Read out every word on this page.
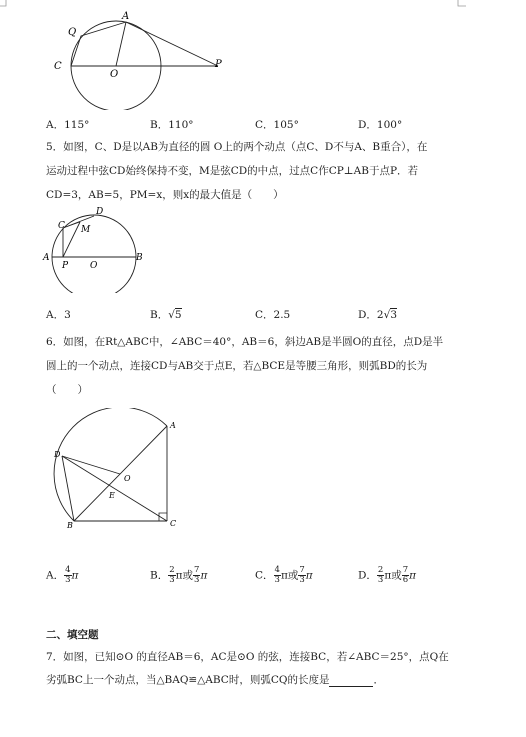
Q
A
C
O
P
A．115°	B．110°	C．105°	D．100°
5．如图，C、D是以AB为直径的圆 O上的两个动点（点C、D不与A、B重合），在
运动过程中弦CD始终保持不变，M是弦CD的中点，过点C作CP⊥AB于点P．若
CD=3，AB=5，PM=x，则x的最大值是（　　）
C
D
M
A
P O
B
A．3	B．√5	C．2.5	D．2√3
6．如图，在Rt△ABC中，∠ABC＝40°，AB＝6，斜边AB是半圆O的直径，点D是半
圆上的一个动点，连接CD与AB交于点E，若△BCE是等腰三角形，则弧BD的长为
（　　）
A
D
O
E
B	C
A． $\frac{4}{3}$ π	B． $\frac{2}{3}$ π或 $\frac{7}{3}$ π	C． $\frac{4}{3}$ π或 $\frac{7}{3}$ π	D． $\frac{2}{3}$ π或 $\frac{7}{6}$ π
二、填空题
7．如图，已知⊙O 的直径AB＝6，AC是⊙O 的弦，连接BC，若∠ABC＝25°，点Q在
劣弧BC上一个动点，当△BAQ≌△ABC时，则弧CQ的长度是	．
